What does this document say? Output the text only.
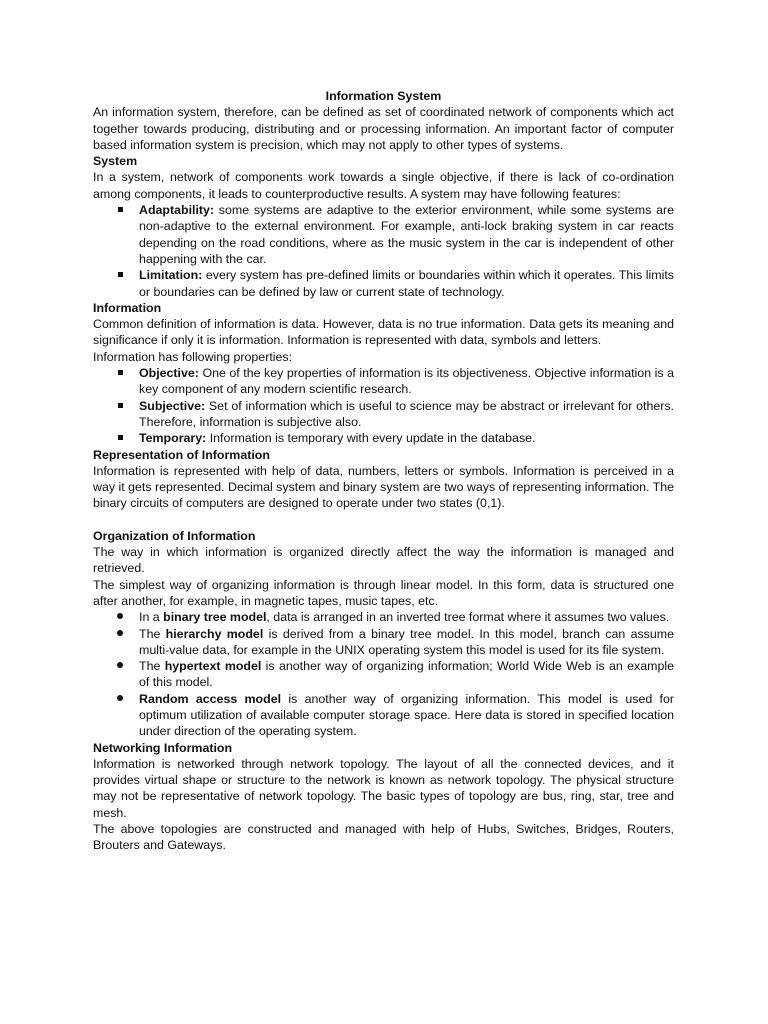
Information System

An information system, therefore, can be defined as set of coordinated network of components which act together towards producing, distributing and or processing information. An important factor of computer based information system is precision, which may not apply to other types of systems.

System

In a system, network of components work towards a single objective, if there is lack of co-ordination among components, it leads to counterproductive results. A system may have following features:

Adaptability: some systems are adaptive to the exterior environment, while some systems are non-adaptive to the external environment. For example, anti-lock braking system in car reacts depending on the road conditions, where as the music system in the car is independent of other happening with the car.
Limitation: every system has pre-defined limits or boundaries within which it operates. This limits or boundaries can be defined by law or current state of technology.

Information

Common definition of information is data. However, data is no true information. Data gets its meaning and significance if only it is information. Information is represented with data, symbols and letters.

Information has following properties:

Objective: One of the key properties of information is its objectiveness. Objective information is a key component of any modern scientific research.
Subjective: Set of information which is useful to science may be abstract or irrelevant for others. Therefore, information is subjective also.
Temporary: Information is temporary with every update in the database.

Representation of Information

Information is represented with help of data, numbers, letters or symbols. Information is perceived in a way it gets represented. Decimal system and binary system are two ways of representing information. The binary circuits of computers are designed to operate under two states (0,1).

Organization of Information

The way in which information is organized directly affect the way the information is managed and retrieved.

The simplest way of organizing information is through linear model. In this form, data is structured one after another, for example, in magnetic tapes, music tapes, etc.

In a binary tree model, data is arranged in an inverted tree format where it assumes two values.
The hierarchy model is derived from a binary tree model. In this model, branch can assume multi-value data, for example in the UNIX operating system this model is used for its file system.
The hypertext model is another way of organizing information; World Wide Web is an example of this model.
Random access model is another way of organizing information. This model is used for optimum utilization of available computer storage space. Here data is stored in specified location under direction of the operating system.

Networking Information

Information is networked through network topology. The layout of all the connected devices, and it provides virtual shape or structure to the network is known as network topology. The physical structure may not be representative of network topology. The basic types of topology are bus, ring, star, tree and mesh.

The above topologies are constructed and managed with help of Hubs, Switches, Bridges, Routers, Brouters and Gateways.
